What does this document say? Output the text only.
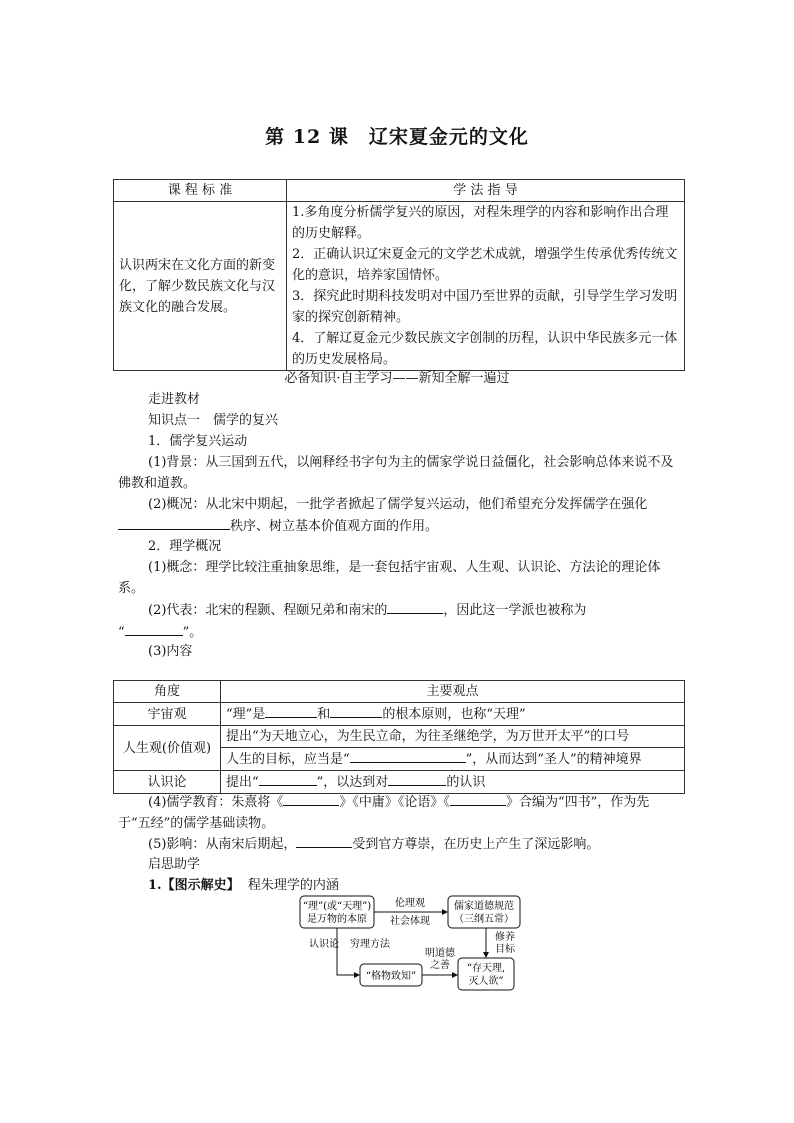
第 12 课　辽宋夏金元的文化
课 程 标 准	学 法 指 导
认识两宋在文化方面的新变化，了解少数民族文化与汉族文化的融合发展。	1.多角度分析儒学复兴的原因，对程朱理学的内容和影响作出合理的历史解释。
2．正确认识辽宋夏金元的文学艺术成就，增强学生传承优秀传统文化的意识，培养家国情怀。
3．探究此时期科技发明对中国乃至世界的贡献，引导学生学习发明家的探究创新精神。
4．了解辽夏金元少数民族文字创制的历程，认识中华民族多元一体的历史发展格局。
必备知识·自主学习——新知全解一遍过
走进教材
知识点一　儒学的复兴
1．儒学复兴运动
(1)背景：从三国到五代，以阐释经书字句为主的儒家学说日益僵化，社会影响总体来说不及佛教和道教。
(2)概况：从北宋中期起，一批学者掀起了儒学复兴运动，他们希望充分发挥儒学在强化秩序、树立基本价值观方面的作用。
2．理学概况
(1)概念：理学比较注重抽象思维，是一套包括宇宙观、人生观、认识论、方法论的理论体系。
(2)代表：北宋的程颢、程颐兄弟和南宋的	，因此这一学派也被称为
“	”。
(3)内容
角度	主要观点
宇宙观	“理”是 和 的根本原则，也称“天理”
人生观(价值观)	提出“为天地立心，为生民立命，为往圣继绝学，为万世开太平”的口号
	人生的目标，应当是“ ”，从而达到“圣人”的精神境界
认识论	提出“ ”，以达到对 的认识
(4)儒学教育：朱熹将《	》《中庸》《论语》《	》合编为“四书”，作为先于“五经”的儒学基础读物。
(5)影响：从南宋后期起，	受到官方尊崇，在历史上产生了深远影响。
启思助学
1.【图示解史】 程朱理学的内涵
“理”(或“天理”)
是万物的本原
儒家道德规范
（三纲五常）
“格物致知”
“存天理,
灭人欲”
伦理观
社会体现
认识论 穷理方法
明道德
之善
修养
目标
